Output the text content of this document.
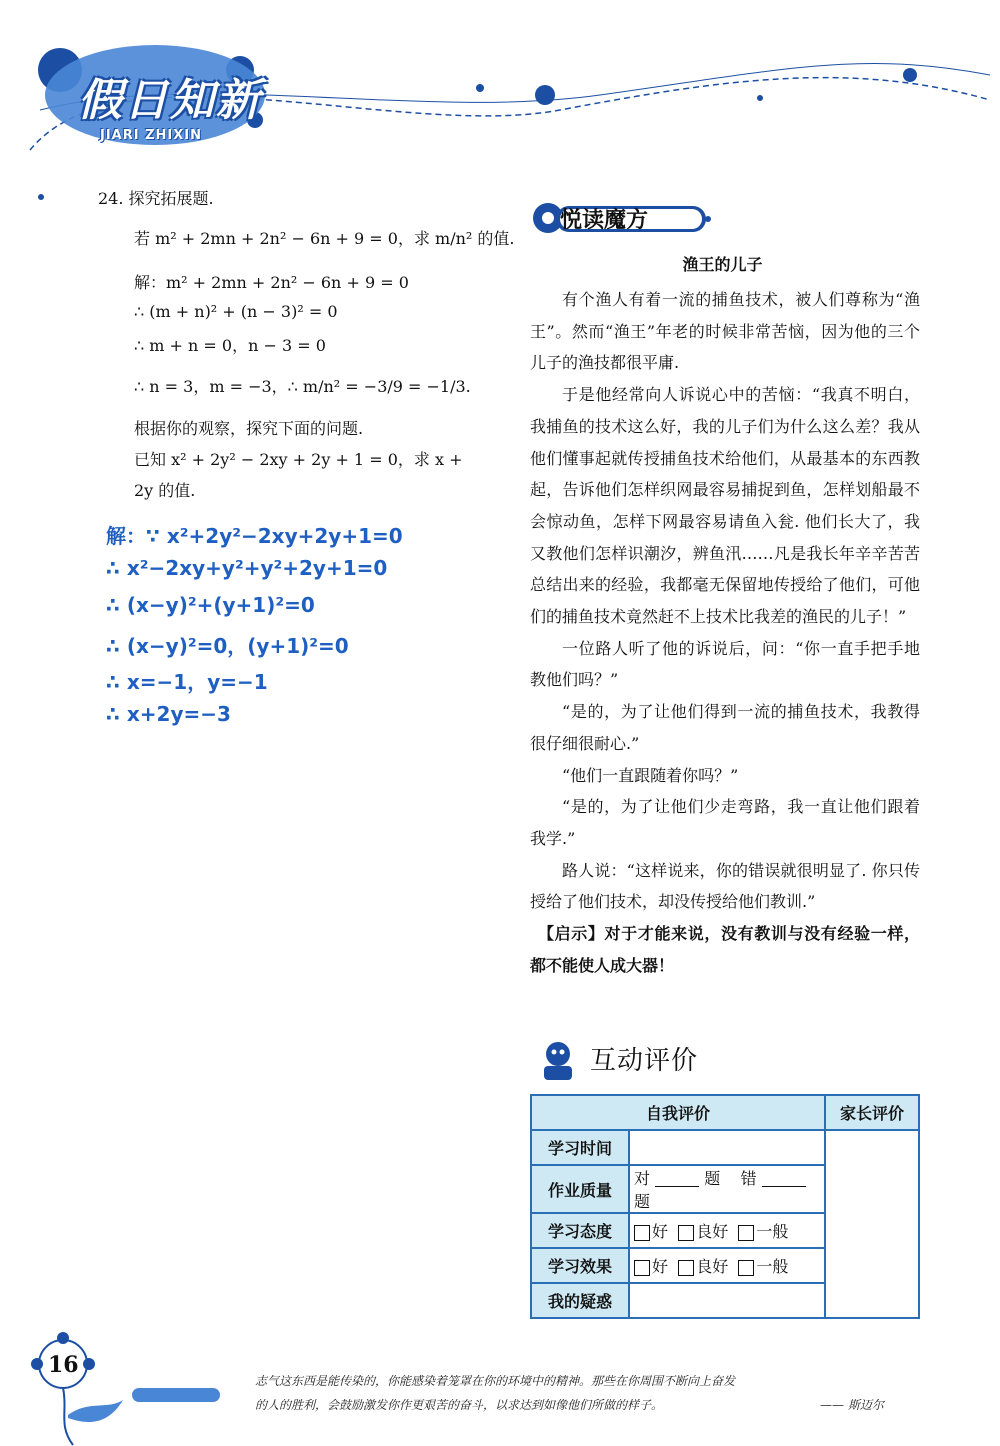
假日知新
JIARI ZHIXIN
24. 探究拓展题.
若 m² + 2mn + 2n² − 6n + 9 = 0，求 m/n² 的值.
解：m² + 2mn + 2n² − 6n + 9 = 0
∴ (m + n)² + (n − 3)² = 0
∴ m + n = 0，n − 3 = 0
∴ n = 3，m = −3，∴ m/n² = −3/9 = −1/3.
根据你的观察，探究下面的问题.
已知 x² + 2y² − 2xy + 2y + 1 = 0，求 x +
2y 的值.
解：∵ x²+2y²−2xy+2y+1=0
∴ x²−2xy+y²+y²+2y+1=0
∴ (x−y)²+(y+1)²=0
∴ (x−y)²=0，(y+1)²=0
∴ x=−1，y=−1
∴ x+2y=−3
悦读魔方
渔王的儿子

有个渔人有着一流的捕鱼技术，被人们尊称为“渔王”。然而“渔王”年老的时候非常苦恼，因为他的三个儿子的渔技都很平庸.

于是他经常向人诉说心中的苦恼：“我真不明白，我捕鱼的技术这么好，我的儿子们为什么这么差？我从他们懂事起就传授捕鱼技术给他们，从最基本的东西教起，告诉他们怎样织网最容易捕捉到鱼，怎样划船最不会惊动鱼，怎样下网最容易请鱼入瓮. 他们长大了，我又教他们怎样识潮汐，辨鱼汛……凡是我长年辛辛苦苦总结出来的经验，我都毫无保留地传授给了他们，可他们的捕鱼技术竟然赶不上技术比我差的渔民的儿子！”

一位路人听了他的诉说后，问：“你一直手把手地教他们吗？”

“是的，为了让他们得到一流的捕鱼技术，我教得很仔细很耐心.”

“他们一直跟随着你吗？”

“是的，为了让他们少走弯路，我一直让他们跟着我学.”

路人说：“这样说来，你的错误就很明显了. 你只传授给了他们技术，却没传授给他们教训.”

【启示】对于才能来说，没有教训与没有经验一样，都不能使人成大器！

互动评价
自我评价		家长评价
学习时间		
作业质量	对 题 错  题	
学习态度	好 良好 一般	
学习效果	好 良好 一般	
我的疑惑		
16
志气这东西是能传染的，你能感染着笼罩在你的环境中的精神。那些在你周围不断向上奋发
的人的胜利，会鼓励激发你作更艰苦的奋斗，以求达到如像他们所做的样子。	—— 斯迈尔
